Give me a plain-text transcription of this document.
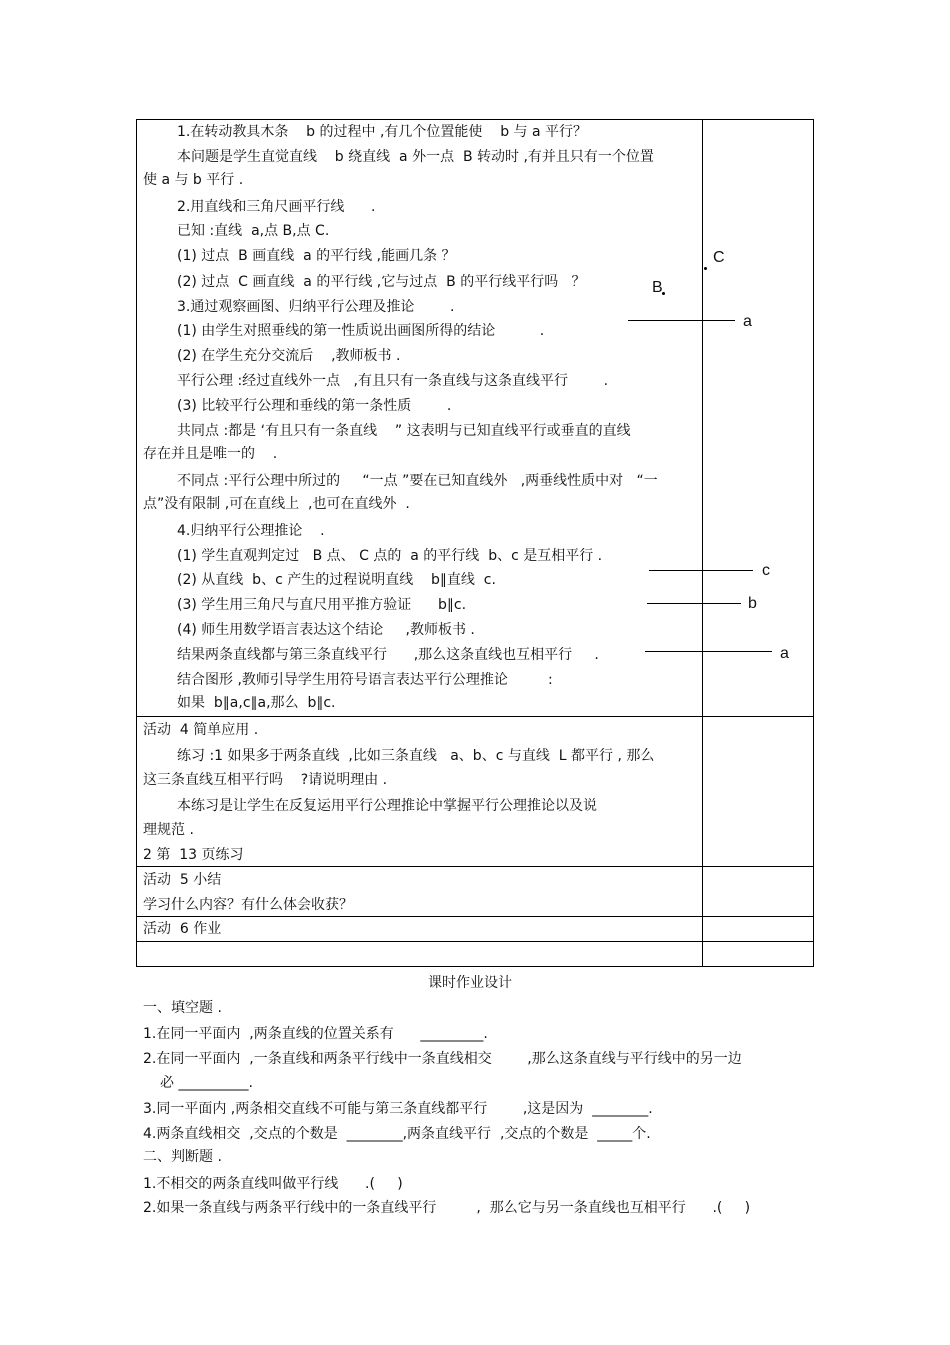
1.在转动教具木条    b 的过程中 ,有几个位置能使    b 与 a 平行？
本问题是学生直觉直线    b 绕直线  a 外一点  B 转动时 ,有并且只有一个位置
使 a 与 b 平行 .
2.用直线和三角尺画平行线      .
已知 :直线  a,点 B,点 C.
(1) 过点  B 画直线  a 的平行线 ,能画几条 ？
(2) 过点  C 画直线  a 的平行线 ,它与过点  B 的平行线平行吗   ？
3.通过观察画图、归纳平行公理及推论        .
(1) 由学生对照垂线的第一性质说出画图所得的结论          .
(2) 在学生充分交流后    ,教师板书 .
平行公理 :经过直线外一点   ,有且只有一条直线与这条直线平行        .
(3) 比较平行公理和垂线的第一条性质        .
共同点 :都是 ‘有且只有一条直线    ” 这表明与已知直线平行或垂直的直线
存在并且是唯一的    .
不同点 :平行公理中所过的     “一点 ”要在已知直线外   ,两垂线性质中对   “一
点”没有限制 ,可在直线上  ,也可在直线外  .
4.归纳平行公理推论    .
(1) 学生直观判定过   B 点、 C 点的  a 的平行线  b、c 是互相平行 .
(2) 从直线  b、c 产生的过程说明直线    b∥直线  c.
(3) 学生用三角尺与直尺用平推方验证      b∥c.
(4) 师生用数学语言表达这个结论     ,教师板书 .
结果两条直线都与第三条直线平行      ,那么这条直线也互相平行     .
结合图形 ,教师引导学生用符号语言表达平行公理推论         :
如果  b∥a,c∥a,那么  b∥c.
活动  4 简单应用 .
练习 :1 如果多于两条直线  ,比如三条直线   a、b、c 与直线  L 都平行 , 那么
这三条直线互相平行吗    ?请说明理由 .
本练习是让学生在反复运用平行公理推论中掌握平行公理推论以及说
理规范 .
2 第  13 页练习
活动  5 小结
学习什么内容？有什么体会收获？
活动  6 作业
C
B
a
c
b
a
课时作业设计
一、填空题 .
1.在同一平面内  ,两条直线的位置关系有      _________.
2.在同一平面内  ,一条直线和两条平行线中一条直线相交        ,那么这条直线与平行线中的另一边
必 __________.
3.同一平面内 ,两条相交直线不可能与第三条直线都平行        ,这是因为  ________.
4.两条直线相交  ,交点的个数是  ________,两条直线平行  ,交点的个数是  _____个.
二、判断题 .
1.不相交的两条直线叫做平行线      .(     )
2.如果一条直线与两条平行线中的一条直线平行         ,  那么它与另一条直线也互相平行      .(     )
